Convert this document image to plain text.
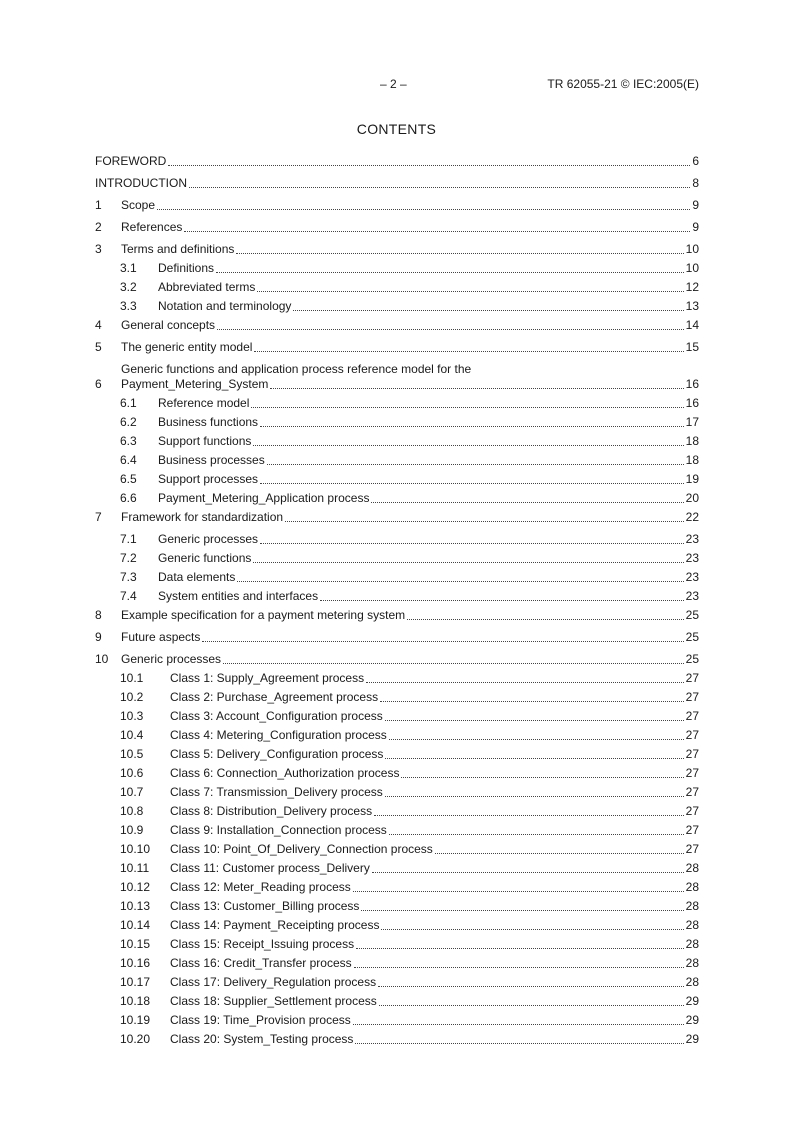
– 2 –	TR 62055-21 © IEC:2005(E)
CONTENTS
FOREWORD	6
INTRODUCTION	8
1	Scope	9
2	References	9
3	Terms and definitions	10
3.1	Definitions	10
3.2	Abbreviated terms	12
3.3	Notation and terminology	13
4	General concepts	14
5	The generic entity model	15
6
Generic functions and application process reference model for the
Payment_Metering_System	16
6.1	Reference model	16
6.2	Business functions	17
6.3	Support functions	18
6.4	Business processes	18
6.5	Support processes	19
6.6	Payment_Metering_Application process	20
7	Framework for standardization	22
7.1	Generic processes	23
7.2	Generic functions	23
7.3	Data elements	23
7.4	System entities and interfaces	23
8	Example specification for a payment metering system	25
9	Future aspects	25
10	Generic processes	25
10.1	Class 1: Supply_Agreement process	27
10.2	Class 2: Purchase_Agreement process	27
10.3	Class 3: Account_Configuration process	27
10.4	Class 4: Metering_Configuration process	27
10.5	Class 5: Delivery_Configuration process	27
10.6	Class 6: Connection_Authorization process	27
10.7	Class 7: Transmission_Delivery process	27
10.8	Class 8: Distribution_Delivery process	27
10.9	Class 9: Installation_Connection process	27
10.10	Class 10: Point_Of_Delivery_Connection process	27
10.11	Class 11: Customer process_Delivery	28
10.12	Class 12: Meter_Reading process	28
10.13	Class 13: Customer_Billing process	28
10.14	Class 14: Payment_Receipting process	28
10.15	Class 15: Receipt_Issuing process	28
10.16	Class 16: Credit_Transfer process	28
10.17	Class 17: Delivery_Regulation process	28
10.18	Class 18: Supplier_Settlement process	29
10.19	Class 19: Time_Provision process	29
10.20	Class 20: System_Testing process	29
